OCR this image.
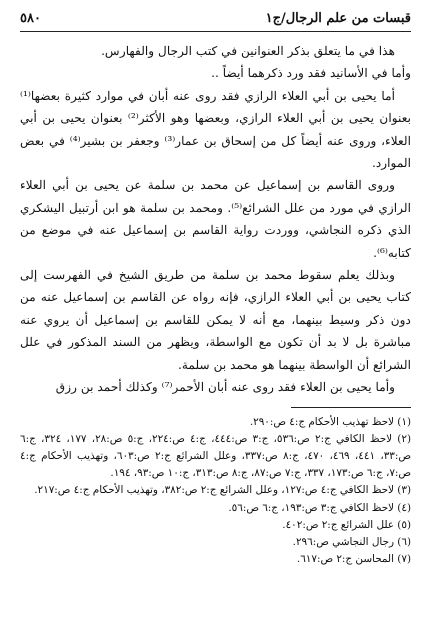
قبسات من علم الرجال/ج١
٥٨٠

هذا في ما يتعلق بذكر العنوانين في كتب الرجال والفهارس.

وأما في الأسانيد فقد ورد ذكرهما أيضاً ..

أما يحيى بن أبي العلاء الرازي فقد روى عنه أبان في موارد كثيرة بعضها⁽¹⁾ بعنوان يحيى بن أبي العلاء الرازي، وبعضها وهو الأكثر⁽²⁾ بعنوان يحيى بن أبي العلاء، وروى عنه أيضاً كل من إسحاق بن عمار⁽³⁾ وجعفر بن بشير⁽⁴⁾ في بعض الموارد.

وروى القاسم بن إسماعيل عن محمد بن سلمة عن يحيى بن أبي العلاء الرازي في مورد من علل الشرائع⁽⁵⁾. ومحمد بن سلمة هو ابن أرتبيل اليشكري الذي ذكره النجاشي، ووردت رواية القاسم بن إسماعيل عنه في موضع من كتابه⁽⁶⁾.

وبذلك يعلم سقوط محمد بن سلمة من طريق الشيخ في الفهرست إلى كتاب يحيى بن أبي العلاء الرازي، فإنه رواه عن القاسم بن إسماعيل عنه من دون ذكر وسيط بينهما، مع أنه لا يمكن للقاسم بن إسماعيل أن يروي عنه مباشرة بل لا بد أن تكون مع الواسطة، ويظهر من السند المذكور في علل الشرائع أن الواسطة بينهما هو محمد بن سلمة.

وأما يحيى بن العلاء فقد روى عنه أبان الأحمر⁽⁷⁾ وكذلك أحمد بن رزق

(١) لاحظ تهذيب الأحكام ج:٤ ص:٢٩٠.
(٢) لاحظ الكافي ج:٢ ص:٥٣٦، ج:٣ ص:٤٤٤، ج:٤ ص:٢٢٤، ج:٥ ص:٢٨، ١٧٧، ٣٢٤، ج:٦ ص:٣٣، ٤٤١، ٤٦٩، ٤٧٠، ج:٨ ص:٣٣٧، وعلل الشرائع ج:٢ ص:٦٠٣، وتهذيب الأحكام ج:٤ ص:٧، ج:٦ ص:١٧٣، ٣٣٧، ج:٧ ص:٨٧، ج:٨ ص:٣١٣، ج:١٠ ص:٩٣، ١٩٤.
(٣) لاحظ الكافي ج:٤ ص:١٢٧، وعلل الشرائع ج:٢ ص:٣٨٢، وتهذيب الأحكام ج:٤ ص:٢١٧.
(٤) لاحظ الكافي ج:٣ ص:١٩٣، ج:٦ ص:٥٦.
(٥) علل الشرائع ج:٢ ص:٤٠٢.
(٦) رجال النجاشي ص:٢٩٦.
(٧) المحاسن ج:٢ ص:٦١٧.
